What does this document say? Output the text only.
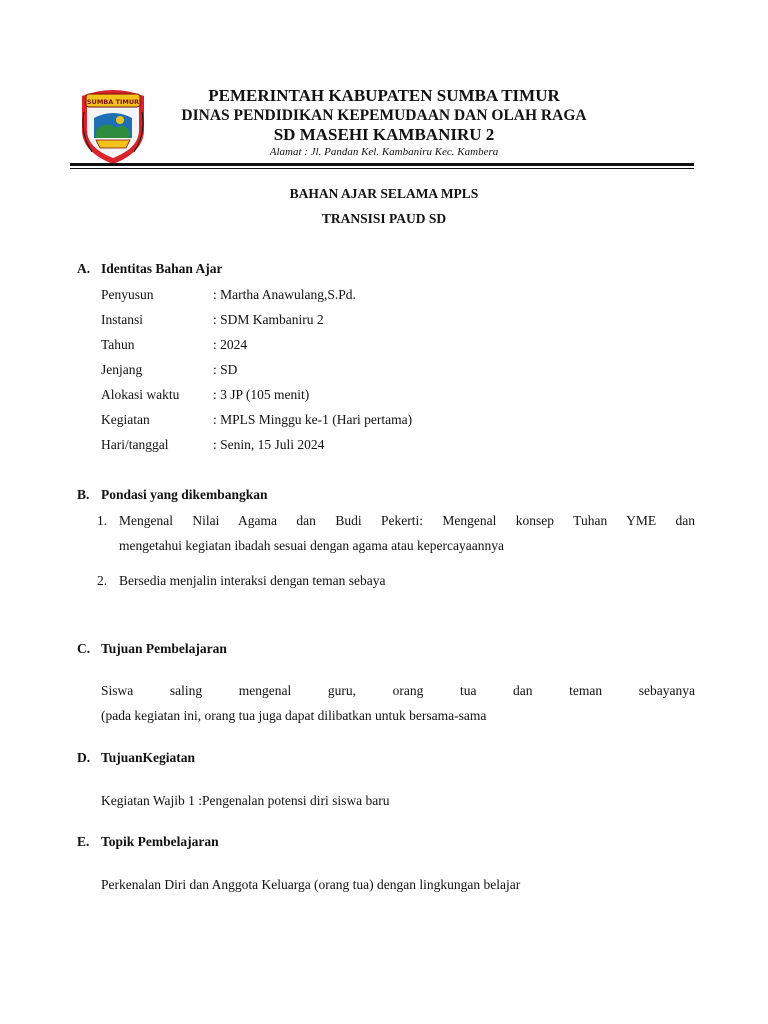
SUMBA TIMUR	PEMERINTAH KABUPATEN SUMBA TIMUR
DINAS PENDIDIKAN KEPEMUDAAN DAN OLAH RAGA
SD MASEHI KAMBANIRU 2
Alamat : Jl. Pandan Kel. Kambaniru Kec. Kambera
BAHAN AJAR SELAMA MPLS
TRANSISI PAUD SD
A. Identitas Bahan Ajar
Penyusun	: Martha Anawulang,S.Pd.
Instansi	: SDM Kambaniru 2
Tahun	: 2024
Jenjang	: SD
Alokasi waktu : 3 JP (105 menit)
Kegiatan	: MPLS Minggu ke-1 (Hari pertama)
Hari/tanggal	: Senin, 15 Juli 2024
B. Pondasi yang dikembangkan
1. Mengenal Nilai Agama dan Budi Pekerti: Mengenal konsep Tuhan YME dan
mengetahui kegiatan ibadah sesuai dengan agama atau kepercayaannya
2. Bersedia menjalin interaksi dengan teman sebaya
C. Tujuan Pembelajaran
Siswa saling mengenal guru, orang tua dan teman sebayanya
(pada kegiatan ini, orang tua juga dapat dilibatkan untuk bersama-sama
D. TujuanKegiatan
Kegiatan Wajib 1 :Pengenalan potensi diri siswa baru
E. Topik Pembelajaran
Perkenalan Diri dan Anggota Keluarga (orang tua) dengan lingkungan belajar
